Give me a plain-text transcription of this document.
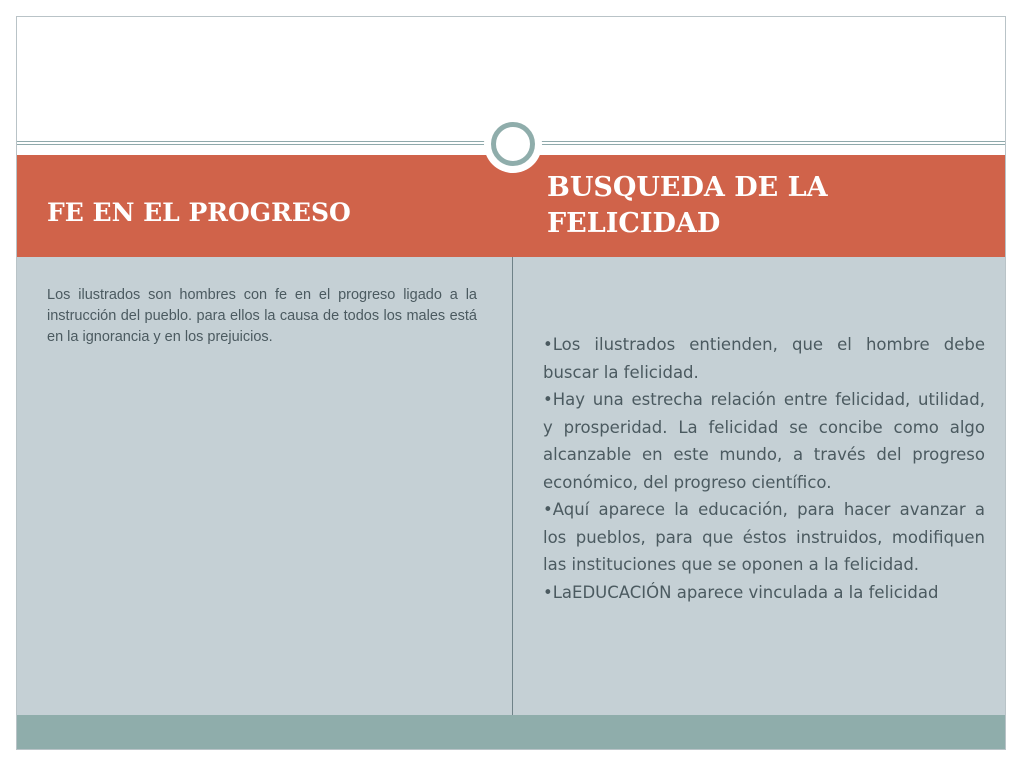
FE EN EL PROGRESO
BUSQUEDA DE LA FELICIDAD
Los ilustrados son hombres con fe en el progreso ligado a la instrucción del pueblo. para ellos la causa de todos los males está en la ignorancia y en los prejuicios.	•Los ilustrados entienden, que el hombre debe buscar la felicidad.

•Hay una estrecha relación entre felicidad, utilidad, y prosperidad. La felicidad se concibe como algo alcanzable en este mundo, a través del progreso económico, del progreso científico.

•Aquí aparece la educación, para hacer avanzar a los pueblos, para que éstos instruidos, modifiquen las instituciones que se oponen a la felicidad.

•LaEDUCACIÓN aparece vinculada a la felicidad
